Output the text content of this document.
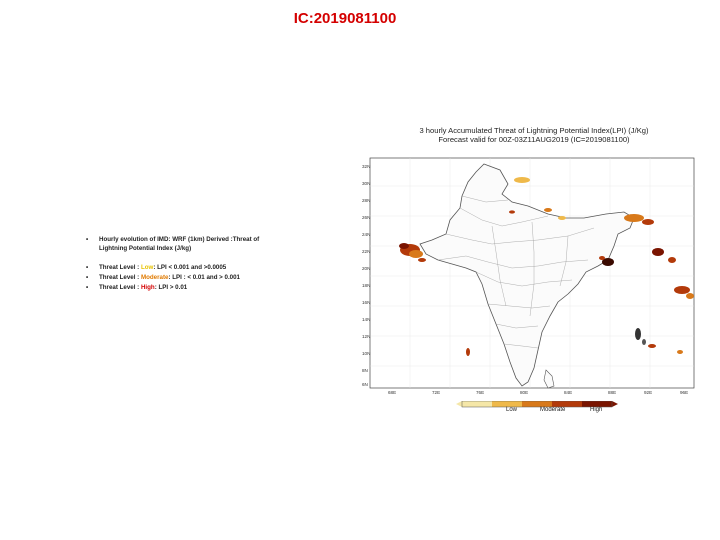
IC:2019081100
•	Hourly evolution of IMD: WRF (1km) Derived :Threat of Lightning Potential Index (J/kg)
•	Threat Level : Low: LPI < 0.001 and >0.0005
•	Threat Level : Moderate: LPI : < 0.01 and > 0.001
•	Threat Level : High: LPI > 0.01
3 hourly Accumulated Threat of Lightning Potential Index(LPI) (J/Kg)
Forecast valid for 00Z-03Z11AUG2019 (IC=2019081100)
32N
30N
28N
26N
24N
22N
20N
18N
16N
14N
12N
10N
8N
6N
68E	72E	76E	80E	84E	88E	92E	96E
Low	Moderate	High
